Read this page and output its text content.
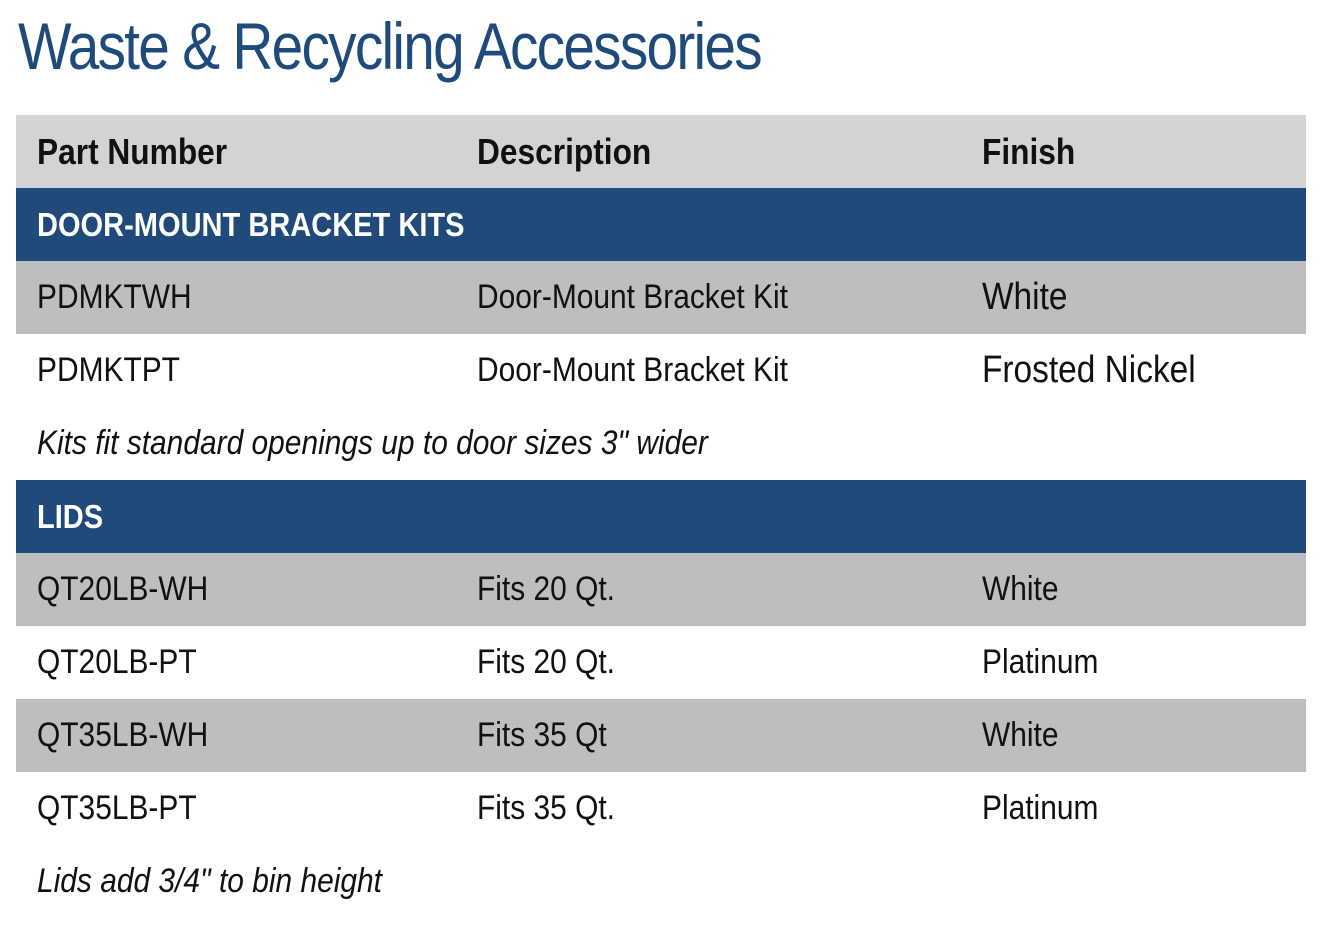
Waste & Recycling Accessories
Part Number	Description	Finish
DOOR-MOUNT BRACKET KITS
PDMKTWH	Door-Mount Bracket Kit	White
PDMKTPT	Door-Mount Bracket Kit	Frosted Nickel
Kits fit standard openings up to door sizes 3" wider
LIDS
QT20LB-WH	Fits 20 Qt.	White
QT20LB-PT	Fits 20 Qt.	Platinum
QT35LB-WH	Fits 35 Qt	White
QT35LB-PT	Fits 35 Qt.	Platinum
Lids add 3/4" to bin height
